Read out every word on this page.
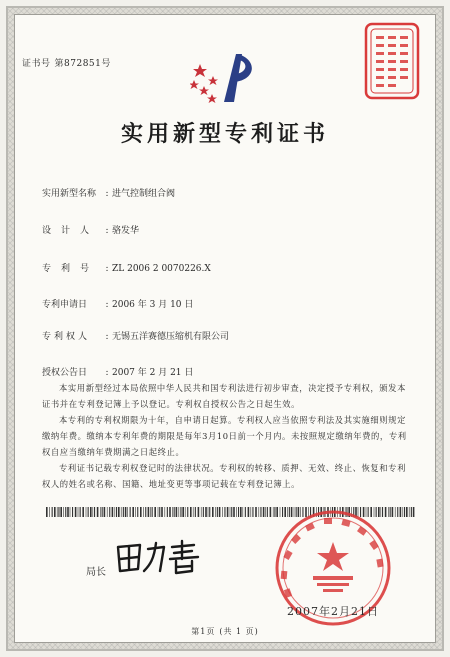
证书号 第872851号
实用新型专利证书
实用新型名称	: 进气控制组合阀
设计人 : 骆发华
专利号 : ZL 2006 2 0070226.X
专利申请日	: 2006 年 3 月 10 日
专利权人	: 无锡五洋赛德压缩机有限公司
授权公告日	: 2007 年 2 月 21 日

本实用新型经过本局依照中华人民共和国专利法进行初步审查，决定授予专利权，颁发本证书并在专利登记簿上予以登记。专利权自授权公告之日起生效。

本专利的专利权期限为十年，自申请日起算。专利权人应当依照专利法及其实施细则规定缴纳年费。缴纳本专利年费的期限是每年3月10日前一个月内。未按照规定缴纳年费的，专利权自应当缴纳年费期满之日起终止。

专利证书记载专利权登记时的法律状况。专利权的转移、质押、无效、终止、恢复和专利权人的姓名或名称、国籍、地址变更等事项记载在专利登记簿上。

局长
2007年2月21日
第1页 (共 1 页)
